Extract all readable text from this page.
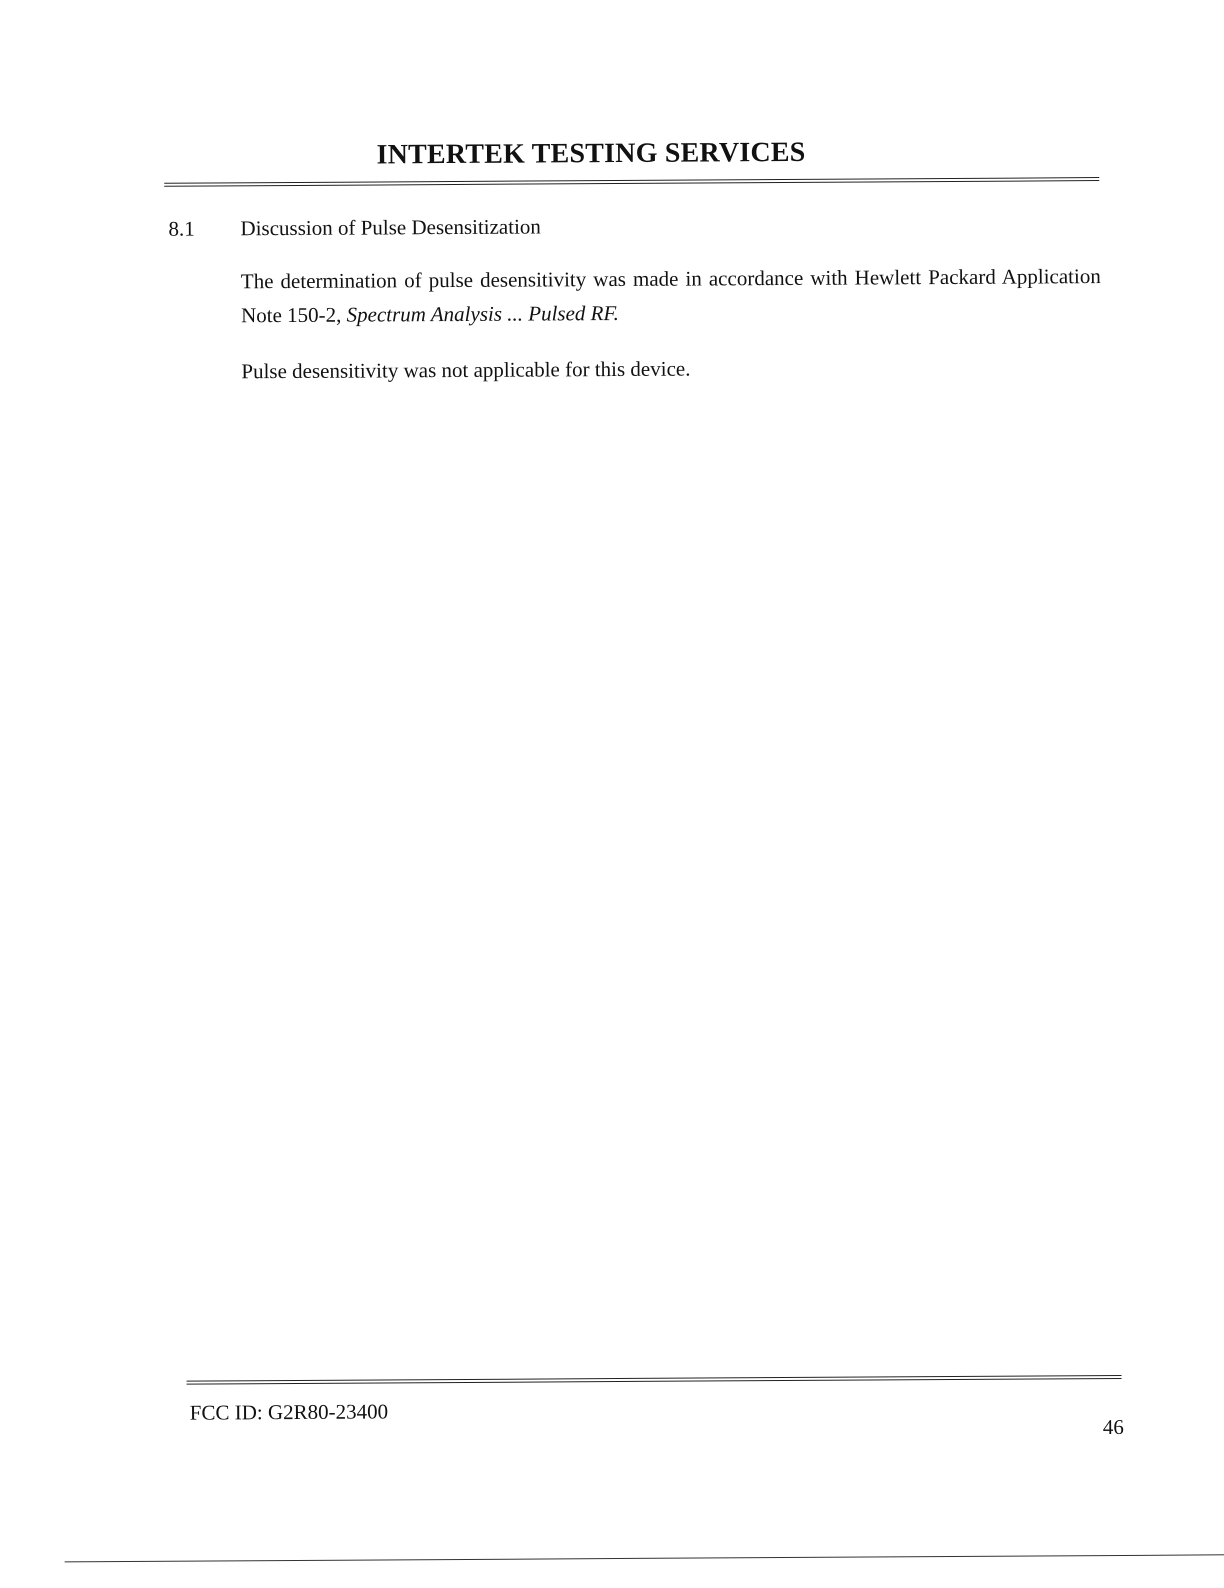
INTERTEK TESTING SERVICES
8.1 Discussion of Pulse Desensitization

The determination of pulse desensitivity was made in accordance with Hewlett Packard Application Note 150-2, Spectrum Analysis ... Pulsed RF.

Pulse desensitivity was not applicable for this device.

FCC ID: G2R80-23400
46
